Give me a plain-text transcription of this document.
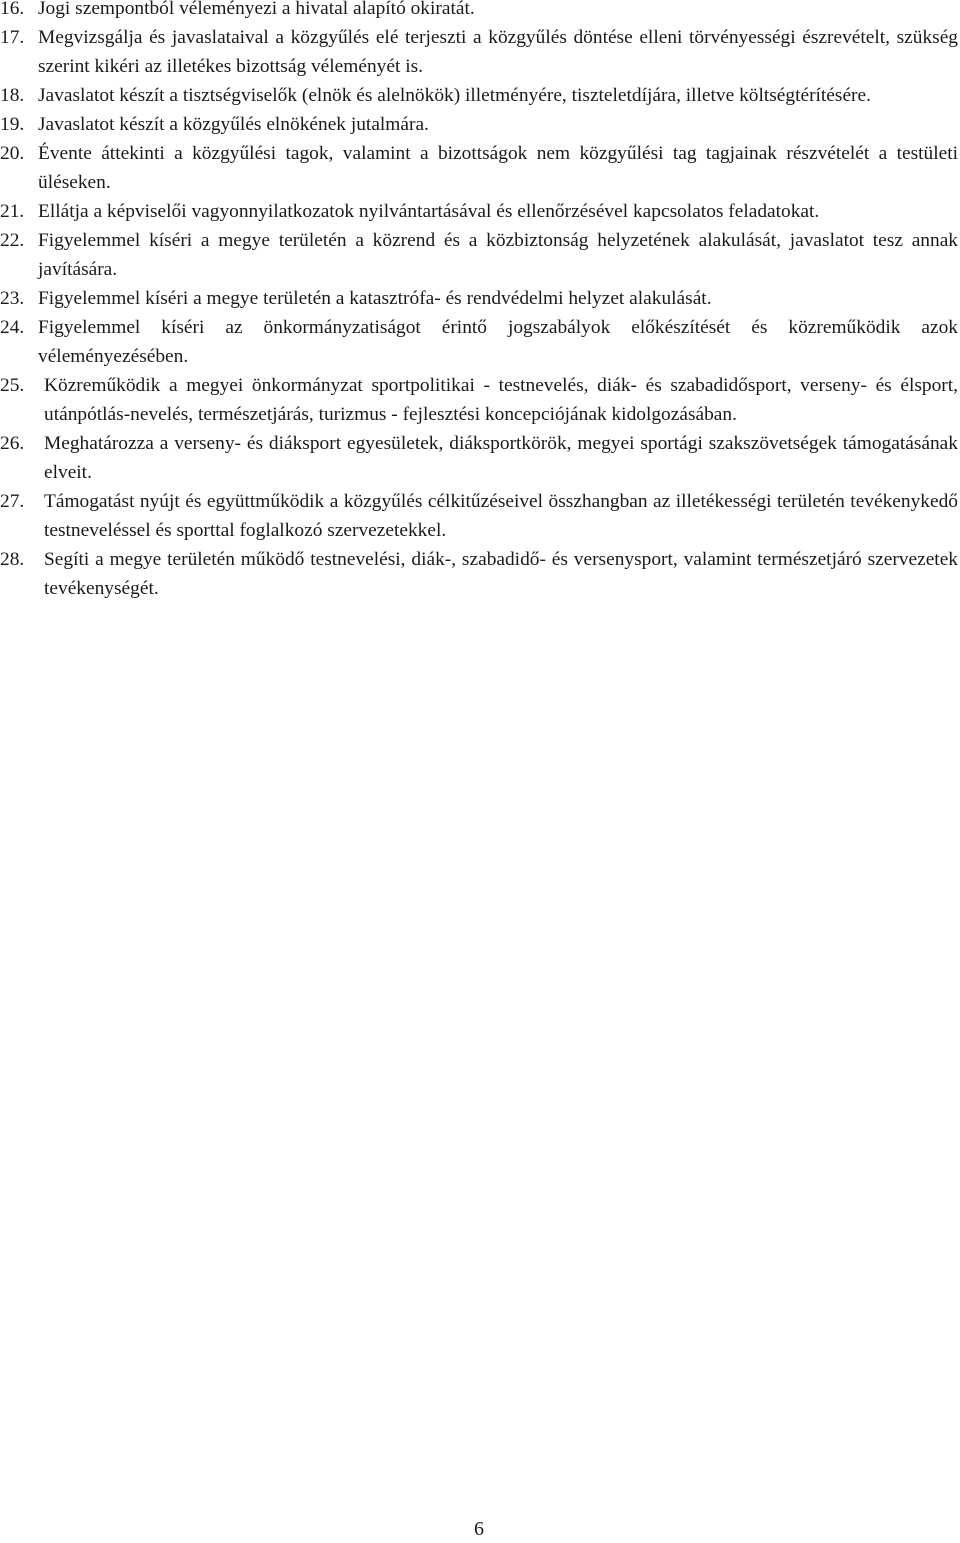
16. Jogi szempontból véleményezi a hivatal alapító okiratát.
17. Megvizsgálja és javaslataival a közgyűlés elé terjeszti a közgyűlés döntése elleni törvényességi észrevételt, szükség szerint kikéri az illetékes bizottság véleményét is.
18. Javaslatot készít a tisztségviselők (elnök és alelnökök) illetményére, tiszteletdíjára, illetve költségtérítésére.
19. Javaslatot készít a közgyűlés elnökének jutalmára.
20. Évente áttekinti a közgyűlési tagok, valamint a bizottságok nem közgyűlési tag tagjainak részvételét a testületi üléseken.
21. Ellátja a képviselői vagyonnyilatkozatok nyilvántartásával és ellenőrzésével kapcsolatos feladatokat.
22. Figyelemmel kíséri a megye területén a közrend és a közbiztonság helyzetének alakulását, javaslatot tesz annak javítására.
23. Figyelemmel kíséri a megye területén a katasztrófa- és rendvédelmi helyzet alakulását.
24. Figyelemmel kíséri az önkormányzatiságot érintő jogszabályok előkészítését és közreműködik azok véleményezésében.
25. Közreműködik a megyei önkormányzat sportpolitikai - testnevelés, diák- és szabadidősport, verseny- és élsport, utánpótlás-nevelés, természetjárás, turizmus - fejlesztési koncepciójának kidolgozásában.
26. Meghatározza a verseny- és diáksport egyesületek, diáksportkörök, megyei sportági szakszövetségek támogatásának elveit.
27. Támogatást nyújt és együttműködik a közgyűlés célkitűzéseivel összhangban az illetékességi területén tevékenykedő testneveléssel és sporttal foglalkozó szervezetekkel.
28. Segíti a megye területén működő testnevelési, diák-, szabadidő- és versenysport, valamint természetjáró szervezetek tevékenységét.
6
